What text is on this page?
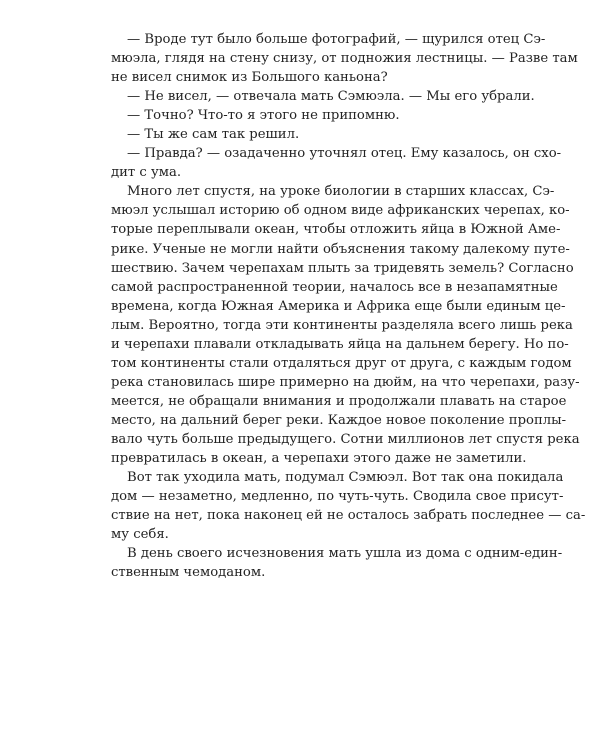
— Вроде тут было больше фотографий, — щурился отец Сэ-
мюэла, глядя на стену снизу, от подножия лестницы. — Разве там
не висел снимок из Большого каньона?
— Не висел, — отвечала мать Сэмюэла. — Мы его убрали.
— Точно? Что-то я этого не припомню.
— Ты же сам так решил.
— Правда? — озадаченно уточнял отец. Ему казалось, он схо-
дит с ума.
Много лет спустя, на уроке биологии в старших классах, Сэ-
мюэл услышал историю об одном виде африканских черепах, ко-
торые переплывали океан, чтобы отложить яйца в Южной Аме-
рике. Ученые не могли найти объяснения такому далекому путе-
шествию. Зачем черепахам плыть за тридевять земель? Согласно
самой распространенной теории, началось все в незапамятные
времена, когда Южная Америка и Африка еще были единым це-
лым. Вероятно, тогда эти континенты разделяла всего лишь река
и черепахи плавали откладывать яйца на дальнем берегу. Но по-
том континенты стали отдаляться друг от друга, с каждым годом
река становилась шире примерно на дюйм, на что черепахи, разу-
меется, не обращали внимания и продолжали плавать на старое
место, на дальний берег реки. Каждое новое поколение проплы-
вало чуть больше предыдущего. Сотни миллионов лет спустя река
превратилась в океан, а черепахи этого даже не заметили.
Вот так уходила мать, подумал Сэмюэл. Вот так она покидала
дом — незаметно, медленно, по чуть-чуть. Сводила свое присут-
ствие на нет, пока наконец ей не осталось забрать последнее — са-
му себя.
В день своего исчезновения мать ушла из дома с одним-един-
ственным чемоданом.
